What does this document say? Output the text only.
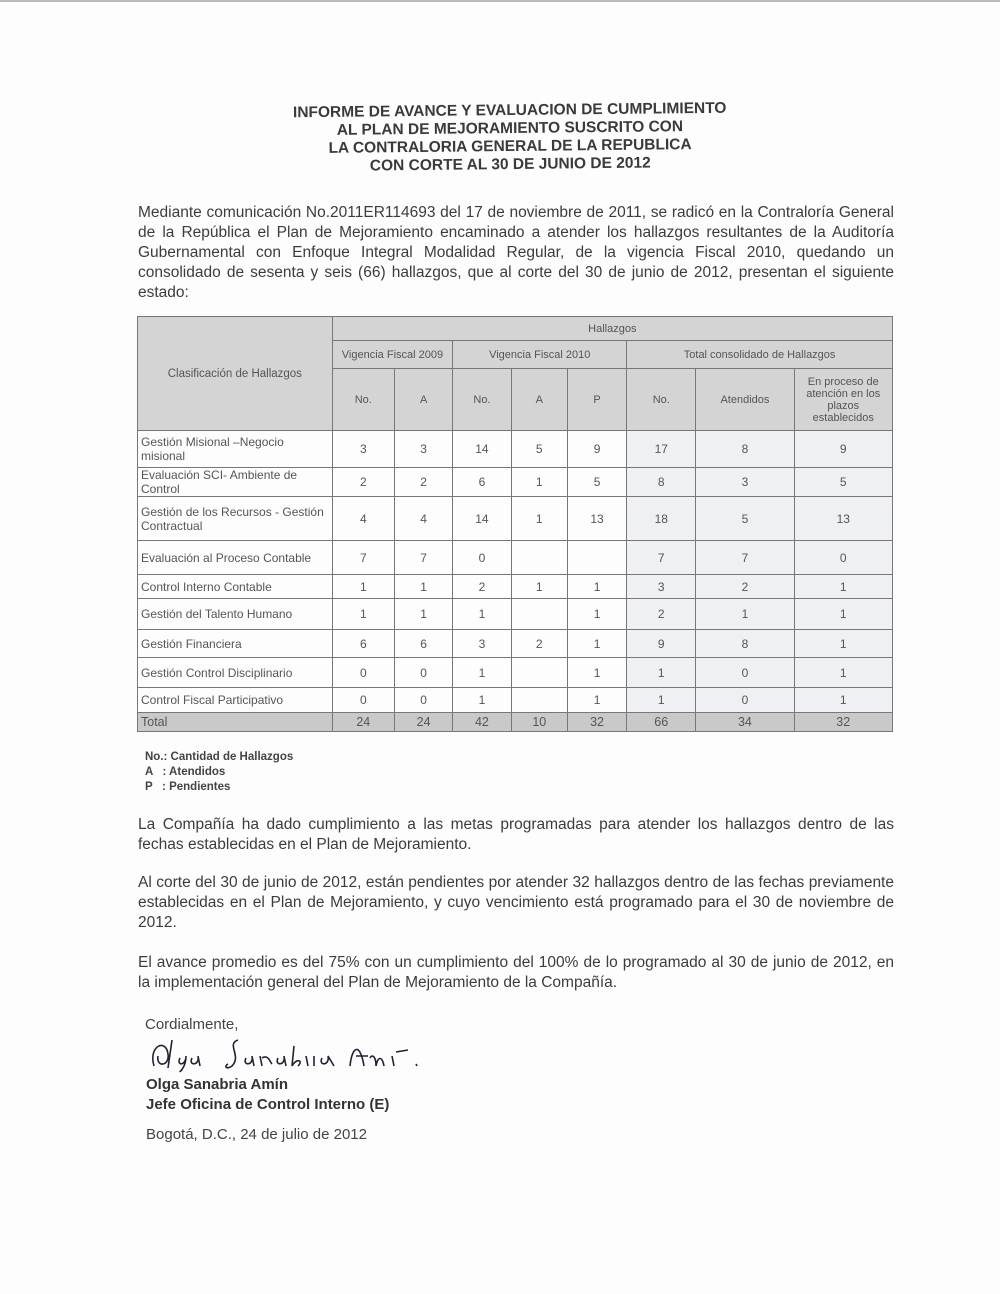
INFORME DE AVANCE Y EVALUACION DE CUMPLIMIENTO
AL PLAN DE MEJORAMIENTO SUSCRITO CON
LA CONTRALORIA GENERAL DE LA REPUBLICA
CON CORTE AL 30 DE JUNIO DE 2012
Mediante comunicación No.2011ER114693 del 17 de noviembre de 2011, se radicó en la Contraloría General de la República el Plan de Mejoramiento encaminado a atender los hallazgos resultantes de la Auditoría Gubernamental con Enfoque Integral Modalidad Regular, de la vigencia Fiscal 2010, quedando un consolidado de sesenta y seis (66) hallazgos, que al corte del 30 de junio de 2012, presentan el siguiente estado:
Clasificación de Hallazgos	Hallazgos							
	Vigencia Fiscal 2009		Vigencia Fiscal 2010			Total consolidado de Hallazgos		
	No.	A	No.	A	P	No.	Atendidos	En proceso de atención en los plazos establecidos
Gestión Misional –Negocio misional	3	3	14	5	9	17	8	9
Evaluación SCI- Ambiente de Control	2	2	6	1	5	8	3	5
Gestión de los Recursos - Gestión Contractual	4	4	14	1	13	18	5	13
Evaluación al Proceso Contable	7	7	0			7	7	0
Control Interno Contable	1	1	2	1	1	3	2	1
Gestión del Talento Humano	1	1	1		1	2	1	1
Gestión Financiera	6	6	3	2	1	9	8	1
Gestión Control Disciplinario	0	0	1		1	1	0	1
Control Fiscal Participativo	0	0	1		1	1	0	1
Total	24	24	42	10	32	66	34	32
No.: Cantidad de Hallazgos
A   : Atendidos
P   : Pendientes
La Compañía ha dado cumplimiento a las metas programadas para atender los hallazgos dentro de las fechas establecidas en el Plan de Mejoramiento.
Al corte del 30 de junio de 2012, están pendientes por atender 32 hallazgos dentro de las fechas previamente establecidas en el Plan de Mejoramiento, y cuyo vencimiento está programado para el 30 de noviembre de 2012.
El avance promedio es del 75% con un cumplimiento del 100% de lo programado al 30 de junio de 2012, en la implementación general del Plan de Mejoramiento de la Compañía.
Cordialmente,
Olga Sanabria Amín
Jefe Oficina de Control Interno (E)
Bogotá, D.C., 24 de julio de 2012
